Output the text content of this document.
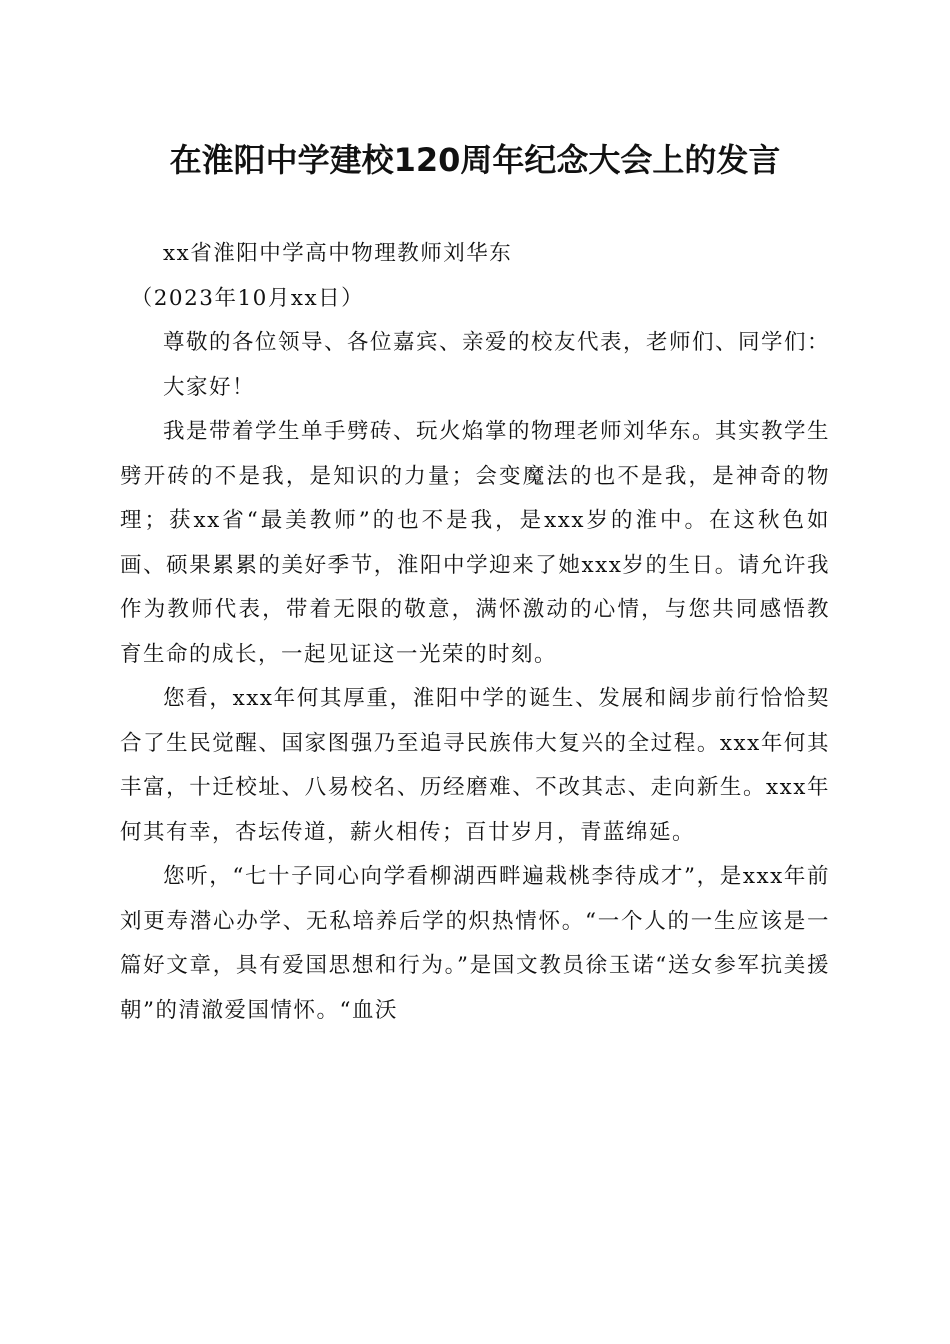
在淮阳中学建校120周年纪念大会上的发言

xx省淮阳中学高中物理教师刘华东

（2023年10月xx日）

尊敬的各位领导、各位嘉宾、亲爱的校友代表，老师们、同学们：

大家好！

我是带着学生单手劈砖、玩火焰掌的物理老师刘华东。其实教学生劈开砖的不是我，是知识的力量；会变魔法的也不是我，是神奇的物理；获xx省“最美教师”的也不是我，是xxx岁的淮中。在这秋色如画、硕果累累的美好季节，淮阳中学迎来了她xxx岁的生日。请允许我作为教师代表，带着无限的敬意，满怀激动的心情，与您共同感悟教育生命的成长，一起见证这一光荣的时刻。

您看，xxx年何其厚重，淮阳中学的诞生、发展和阔步前行恰恰契合了生民觉醒、国家图强乃至追寻民族伟大复兴的全过程。xxx年何其丰富，十迁校址、八易校名、历经磨难、不改其志、走向新生。xxx年何其有幸，杏坛传道，薪火相传；百廿岁月，青蓝绵延。

您听，“七十子同心向学看柳湖西畔遍栽桃李待成才”，是xxx年前刘更寿潜心办学、无私培养后学的炽热情怀。“一个人的一生应该是一篇好文章，具有爱国思想和行为。”是国文教员徐玉诺“送女参军抗美援朝”的清澈爱国情怀。“血沃
